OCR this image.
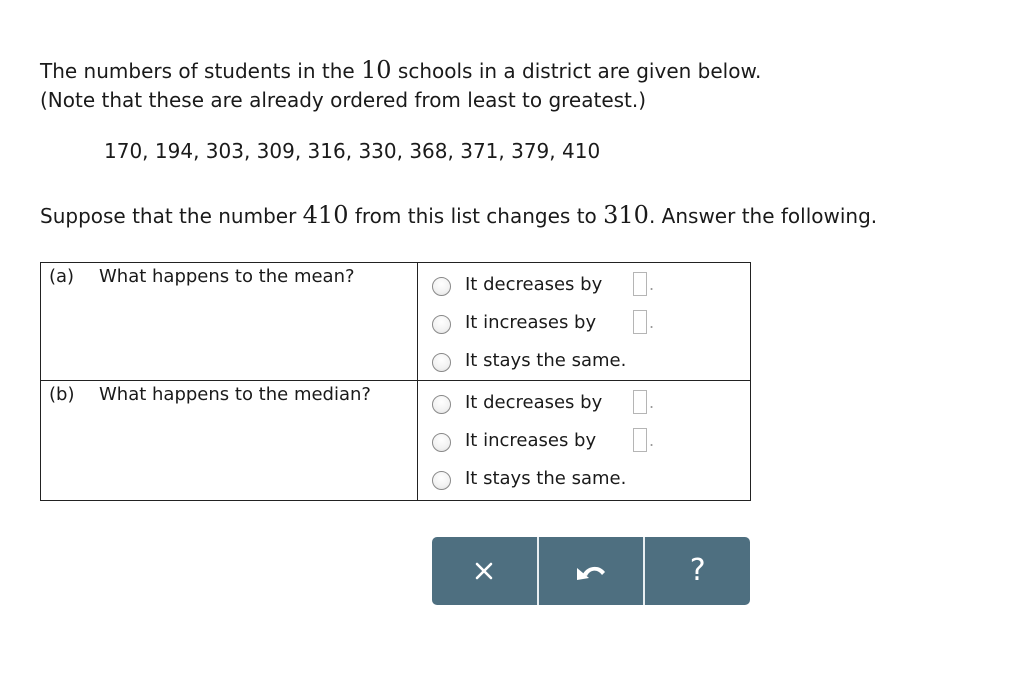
The numbers of students in the 10 schools in a district are given below.
(Note that these are already ordered from least to greatest.)
170, 194, 303, 309, 316, 330, 368, 371, 379, 410
Suppose that the number 410 from this list changes to 310. Answer the following.
(a) What happens to the mean?	It decreases by .
It increases by .
It stays the same.

(b) What happens to the median?	It decreases by .
It increases by .
It stays the same.
?
